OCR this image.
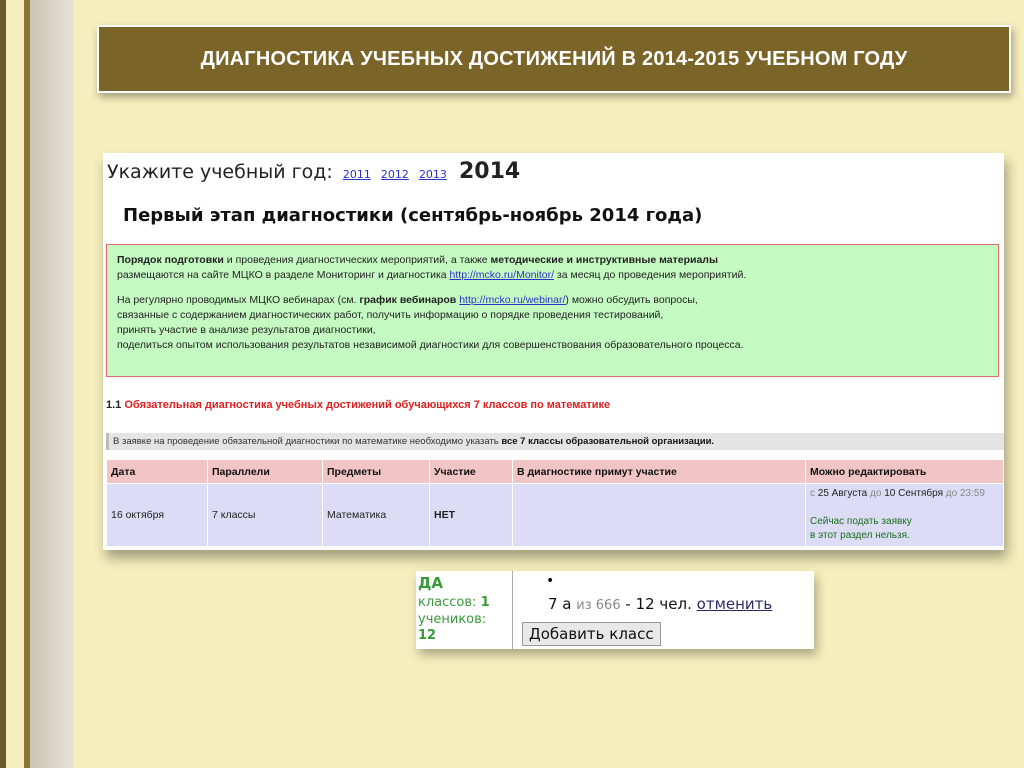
ДИАГНОСТИКА УЧЕБНЫХ ДОСТИЖЕНИЙ В 2014-2015 УЧЕБНОМ ГОДУ
Укажите учебный год: 2011 2012 2013 2014
Первый этап диагностики (сентябрь-ноябрь 2014 года)

Порядок подготовки и проведения диагностических мероприятий, а также методические и инструктивные материалы
размещаются на сайте МЦКО в разделе Мониторинг и диагностика http://mcko.ru/Monitor/ за месяц до проведения мероприятий.

На регулярно проводимых МЦКО вебинарах (см. график вебинаров http://mcko.ru/webinar/) можно обсудить вопросы,
связанные с содержанием диагностических работ, получить информацию о порядке проведения тестирований,
принять участие в анализе результатов диагностики,
поделиться опытом использования результатов независимой диагностики для совершенствования образовательного процесса.

1.1 Обязательная диагностика учебных достижений обучающихся 7 классов по математике
В заявке на проведение обязательной диагностики по математике необходимо указать все 7 классы образовательной организации.
Дата	Параллели	Предметы	Участие	В диагностике примут участие	Можно редактировать
16 октября	7 классы	Математика	НЕТ		с 25 Августа до 10 Сентября до 23:59

Сейчас подать заявку
в этот раздел нельзя.
ДА
классов: 1
учеников:
12
•
7 а из 666 - 12 чел. отменить
Добавить класс
